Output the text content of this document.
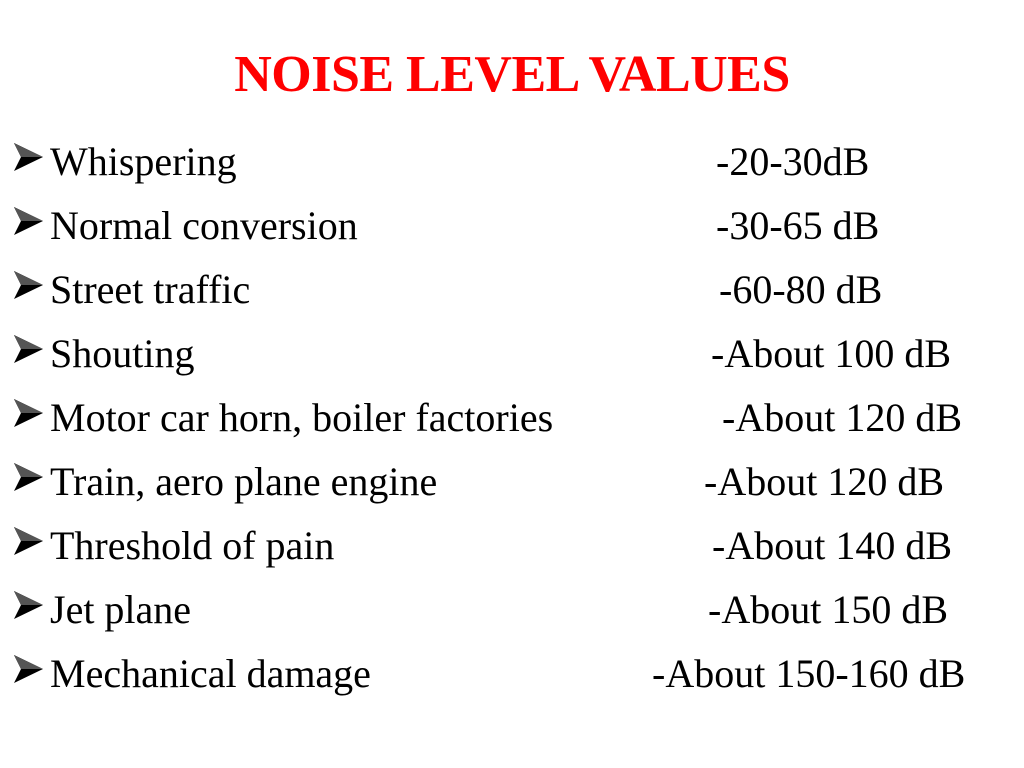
NOISE LEVEL VALUES
Whispering	-20-30dB
Normal conversion	-30-65 dB
Street traffic	-60-80 dB
Shouting	-About 100 dB
Motor car horn, boiler factories	-About 120 dB
Train, aero plane engine	-About 120 dB
Threshold of pain	-About 140 dB
Jet plane	-About 150 dB
Mechanical damage	-About 150-160 dB
